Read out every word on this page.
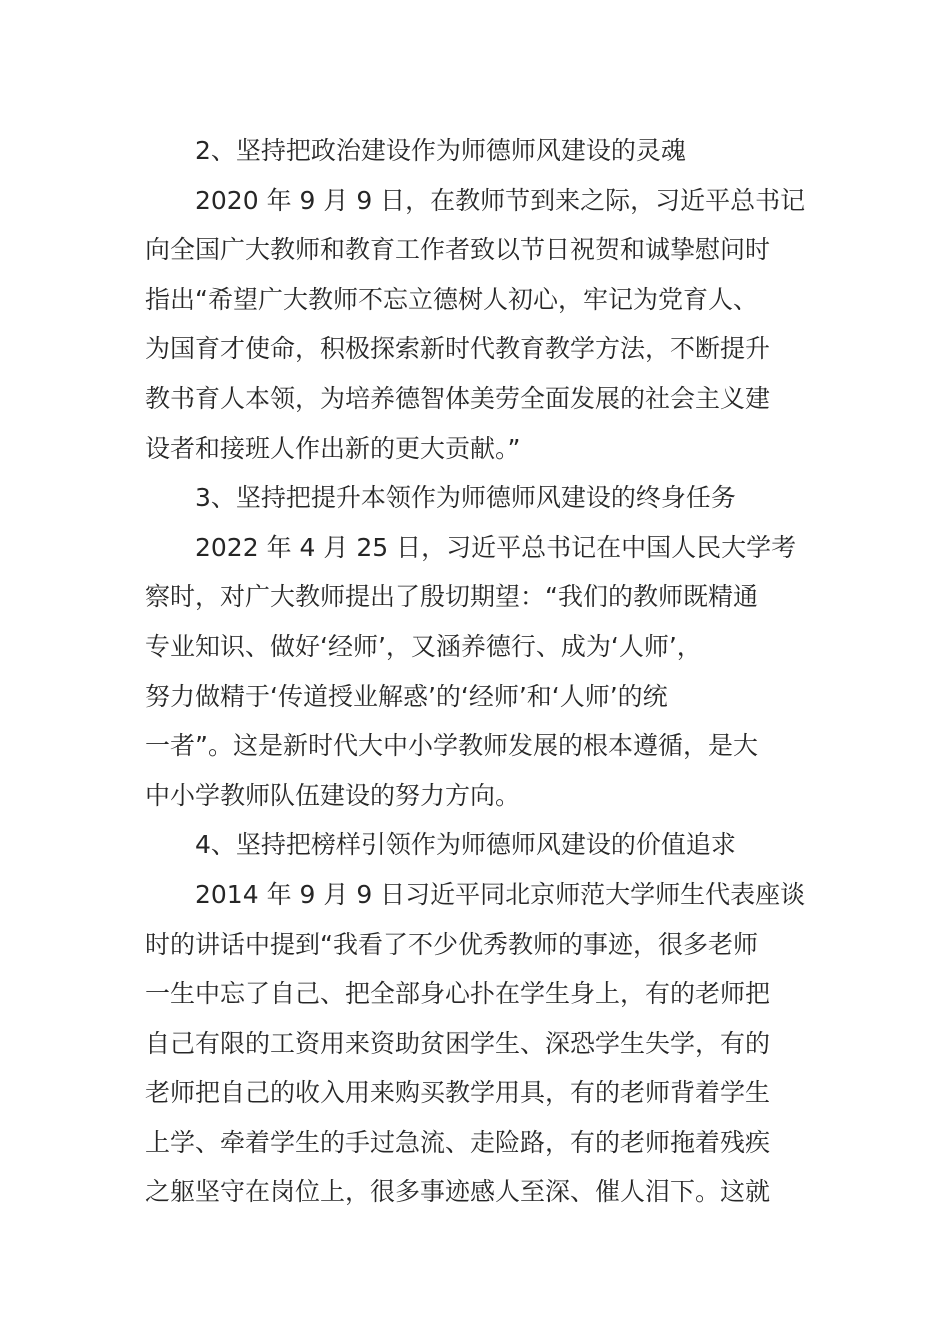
2、坚持把政治建设作为师德师风建设的灵魂
2020 年 9 月 9 日，在教师节到来之际，习近平总书记
向全国广大教师和教育工作者致以节日祝贺和诚挚慰问时
指出“希望广大教师不忘立德树人初心，牢记为党育人、
为国育才使命，积极探索新时代教育教学方法，不断提升
教书育人本领，为培养德智体美劳全面发展的社会主义建
设者和接班人作出新的更大贡献。”
3、坚持把提升本领作为师德师风建设的终身任务
2022 年 4 月 25 日，习近平总书记在中国人民大学考
察时，对广大教师提出了殷切期望：“我们的教师既精通
专业知识、做好‘经师’，又涵养德行、成为‘人师’，
努力做精于‘传道授业解惑’的‘经师’和‘人师’的统
一者”。这是新时代大中小学教师发展的根本遵循，是大
中小学教师队伍建设的努力方向。
4、坚持把榜样引领作为师德师风建设的价值追求
2014 年 9 月 9 日习近平同北京师范大学师生代表座谈
时的讲话中提到“我看了不少优秀教师的事迹，很多老师
一生中忘了自己、把全部身心扑在学生身上，有的老师把
自己有限的工资用来资助贫困学生、深恐学生失学，有的
老师把自己的收入用来购买教学用具，有的老师背着学生
上学、牵着学生的手过急流、走险路，有的老师拖着残疾
之躯坚守在岗位上，很多事迹感人至深、催人泪下。这就
